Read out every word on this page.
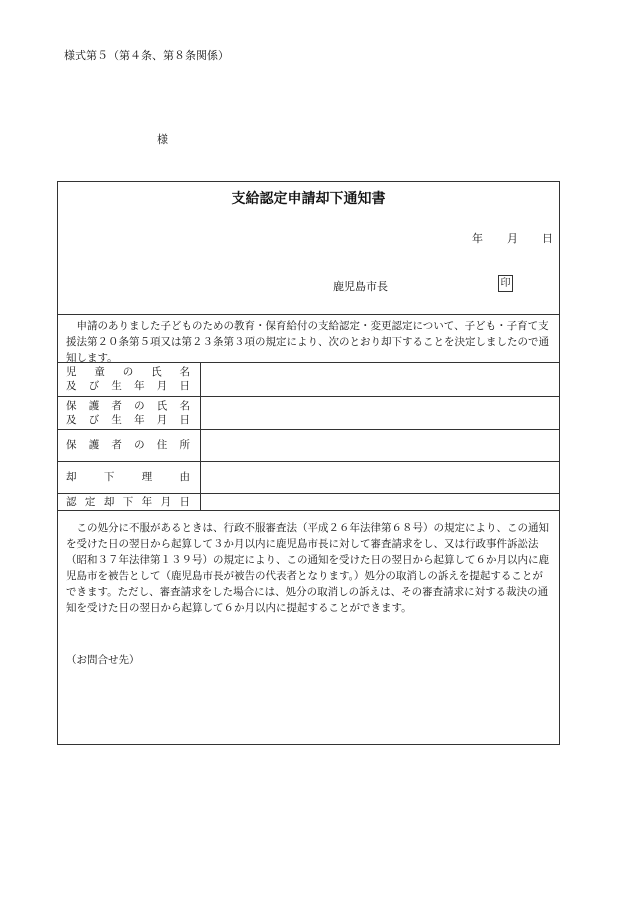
様式第５（第４条、第８条関係）
様
支給認定申請却下通知書
年 月 日
鹿児島市長	印

申請のありました子どものための教育・保育給付の支給認定・変更認定について、子ども・子育て支援法第２０条第５項又は第２３条第３項の規定により、次のとおり却下することを決定しましたので通知します。

児 童 の 氏 名
及 び 生 年 月 日	

保 護 者 の 氏 名
及 び 生 年 月 日	

保 護 者 の 住 所	

却 下 理 由	

認 定 却 下 年 月 日	

この処分に不服があるときは、行政不服審査法（平成２６年法律第６８号）の規定により、この通知を受けた日の翌日から起算して３か月以内に鹿児島市長に対して審査請求をし、又は行政事件訴訟法（昭和３７年法律第１３９号）の規定により、この通知を受けた日の翌日から起算して６か月以内に鹿児島市を被告として（鹿児島市長が被告の代表者となります。）処分の取消しの訴えを提起することができます。ただし、審査請求をした場合には、処分の取消しの訴えは、その審査請求に対する裁決の通知を受けた日の翌日から起算して６か月以内に提起することができます。

（お問合せ先）
